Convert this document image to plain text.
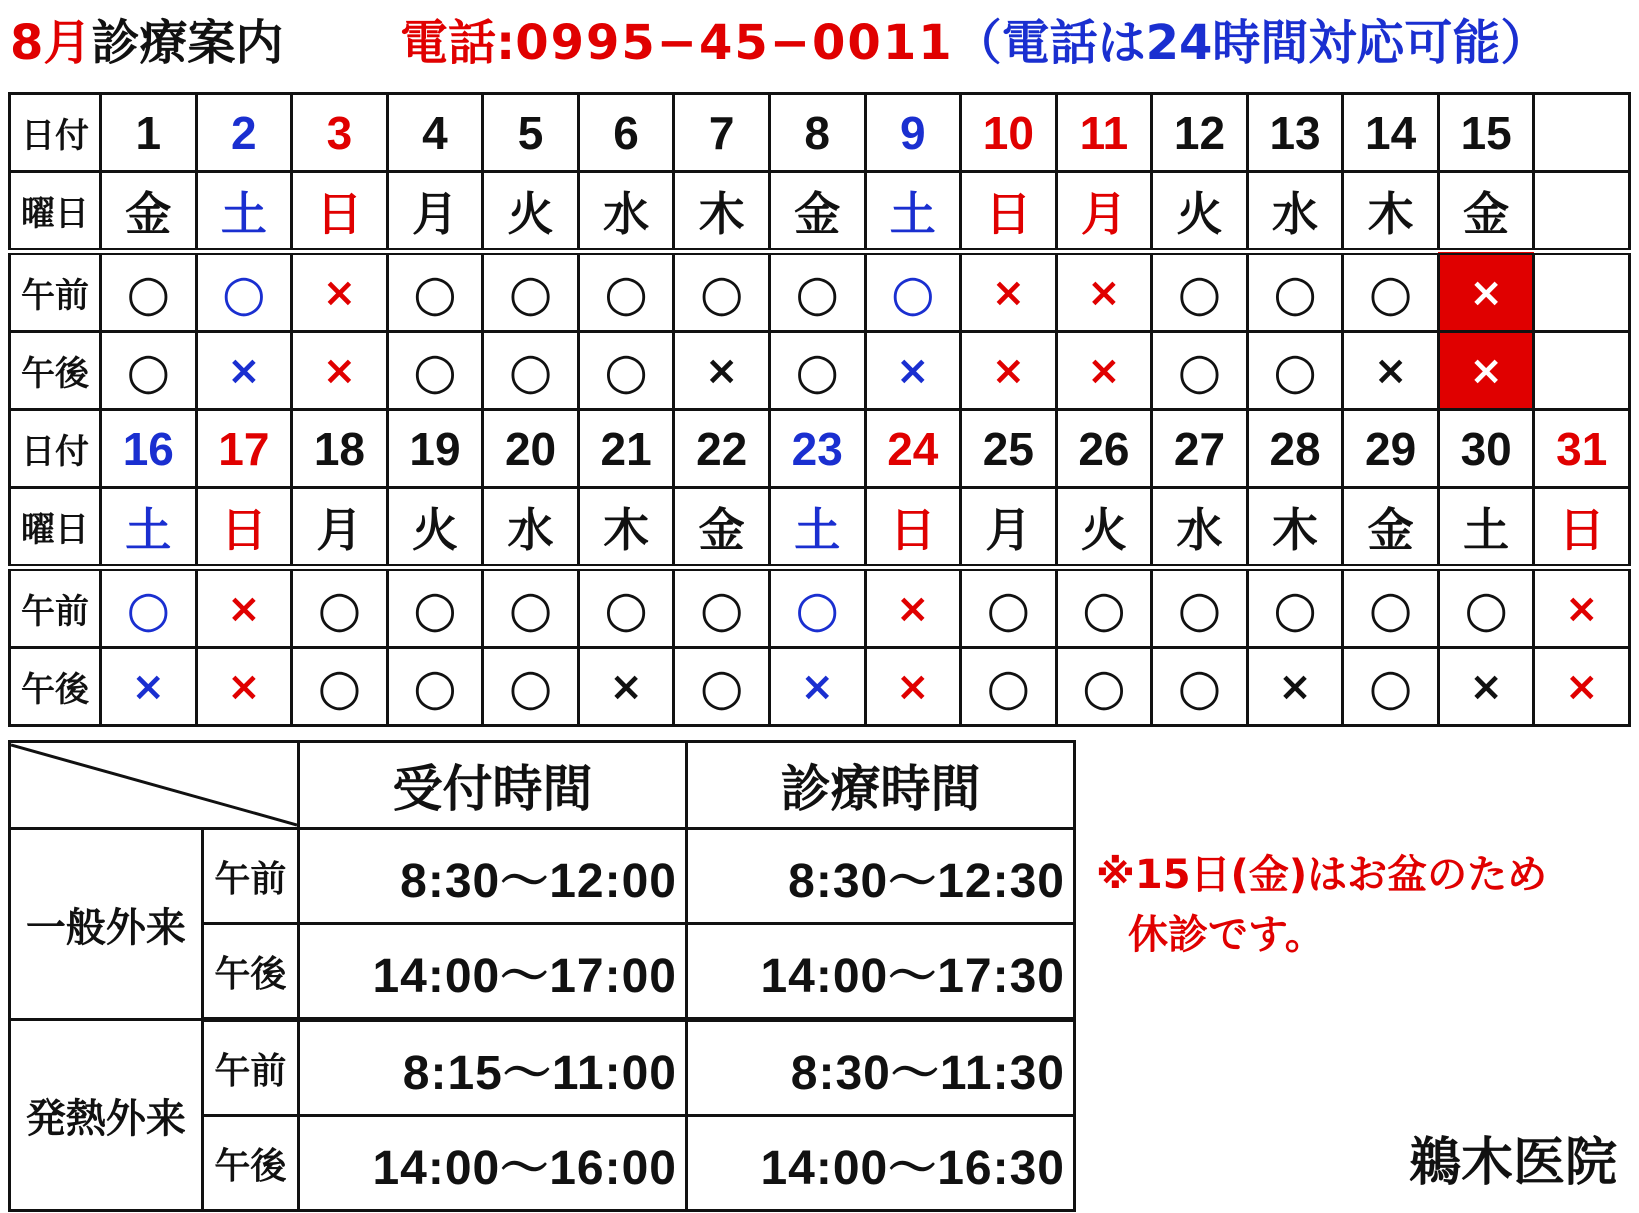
8月診療案内 電話:0995−45−0011（電話は24時間対応可能）
日付	1	2	3	4	5	6	7	8	9	10	11	12	13	14	15	
曜日	金	土	日	月	火	水	木	金	土	日	月	火	水	木	金	
午前	○	○	×	○	○	○	○	○	○	×	×	○	○	○	×	
午後	○	×	×	○	○	○	×	○	×	×	×	○	○	×	×	
日付	16	17	18	19	20	21	22	23	24	25	26	27	28	29	30	31
曜日	土	日	月	火	水	木	金	土	日	月	火	水	木	金	土	日
午前	○	×	○	○	○	○	○	○	×	○	○	○	○	○	○	×
午後	×	×	○	○	○	×	○	×	×	○	○	○	×	○	×	×
	受付時間	診療時間
一般外来	午前	8:30〜12:00	8:30〜12:30
	午後	14:00〜17:00	14:00〜17:30
発熱外来	午前	8:15〜11:00	8:30〜11:30
	午後	14:00〜16:00	14:00〜16:30
※15日(金)はお盆のため
休診です。
鵜木医院
